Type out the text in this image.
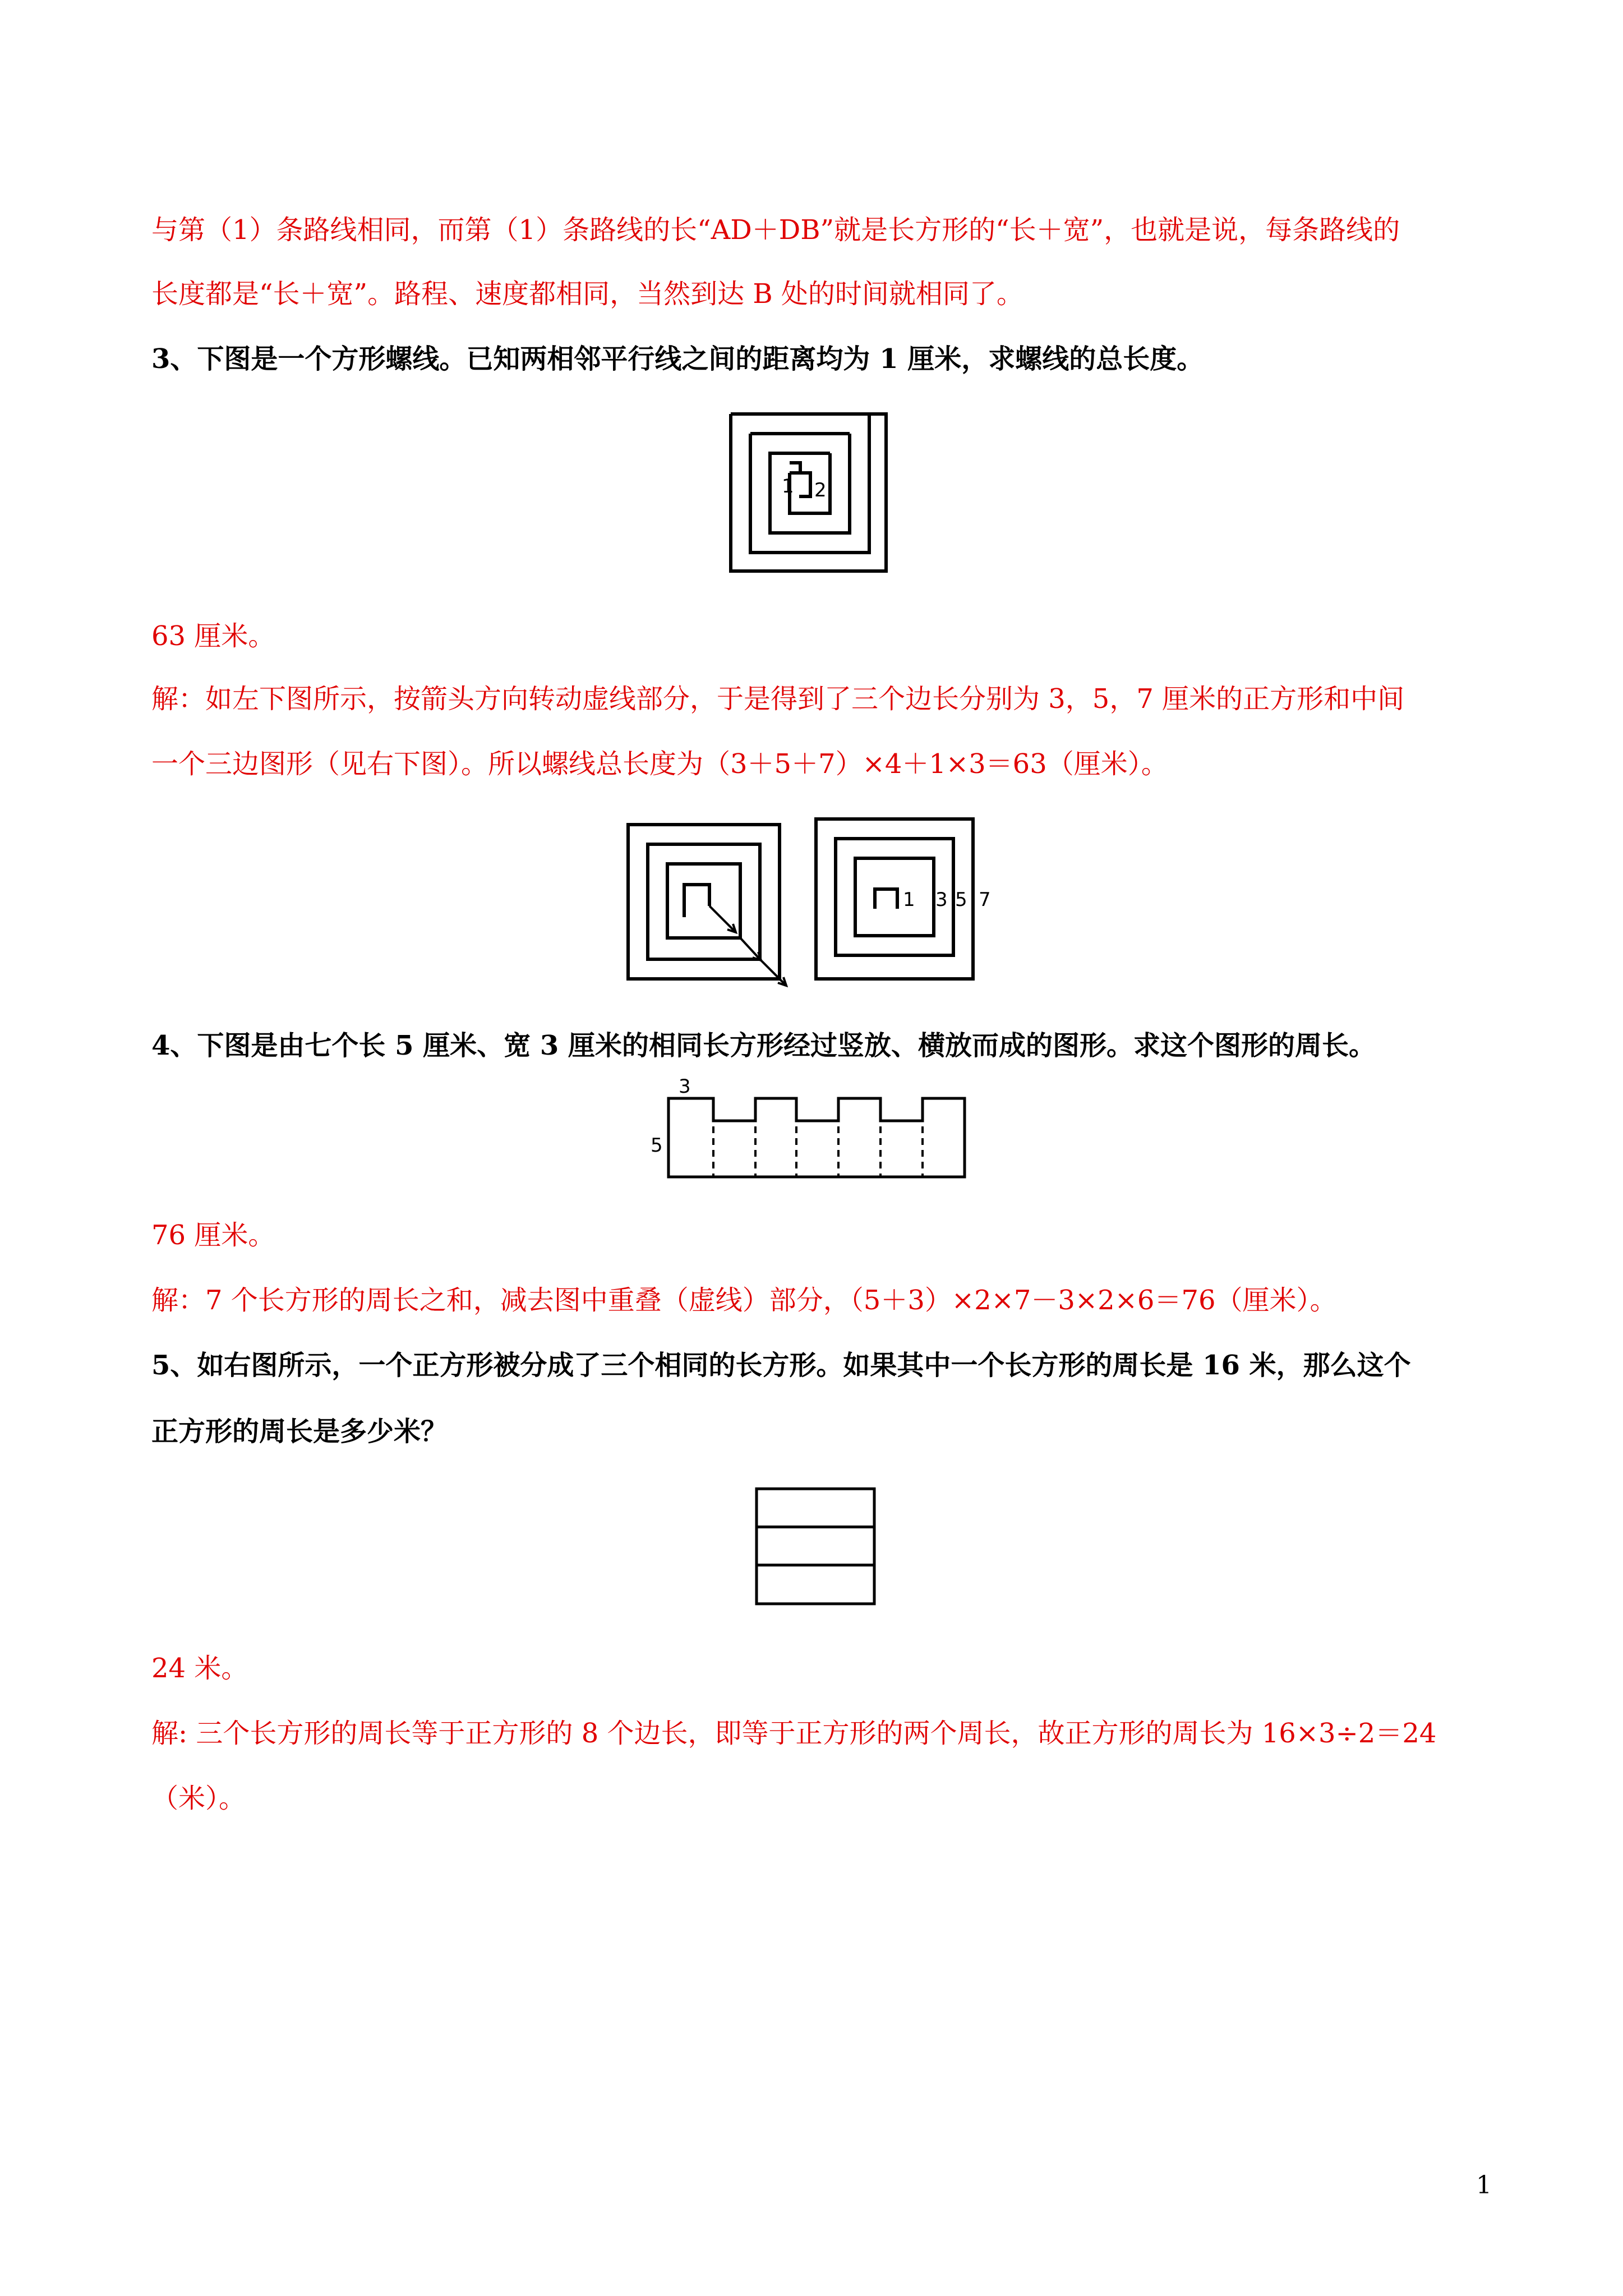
与第（1）条路线相同，而第（1）条路线的长“AD＋DB”就是长方形的“长＋宽”，也就是说，每条路线的
长度都是“长＋宽”。路程、速度都相同，当然到达 B 处的时间就相同了。
3、下图是一个方形螺线。已知两相邻平行线之间的距离均为 1 厘米，求螺线的总长度。
1 2
63 厘米。
解：如左下图所示，按箭头方向转动虚线部分，于是得到了三个边长分别为 3，5，7 厘米的正方形和中间
一个三边图形（见右下图）。所以螺线总长度为（3＋5＋7）×4＋1×3＝63（厘米）。
1 3 5 7
4、下图是由七个长 5 厘米、宽 3 厘米的相同长方形经过竖放、横放而成的图形。求这个图形的周长。
3
5
76 厘米。
解：7 个长方形的周长之和，减去图中重叠（虚线）部分，（5＋3）×2×7－3×2×6＝76（厘米）。
5、如右图所示，一个正方形被分成了三个相同的长方形。如果其中一个长方形的周长是 16 米，那么这个
正方形的周长是多少米？
24 米。
解: 三个长方形的周长等于正方形的 8 个边长，即等于正方形的两个周长，故正方形的周长为 16×3÷2＝24
（米）。
1
